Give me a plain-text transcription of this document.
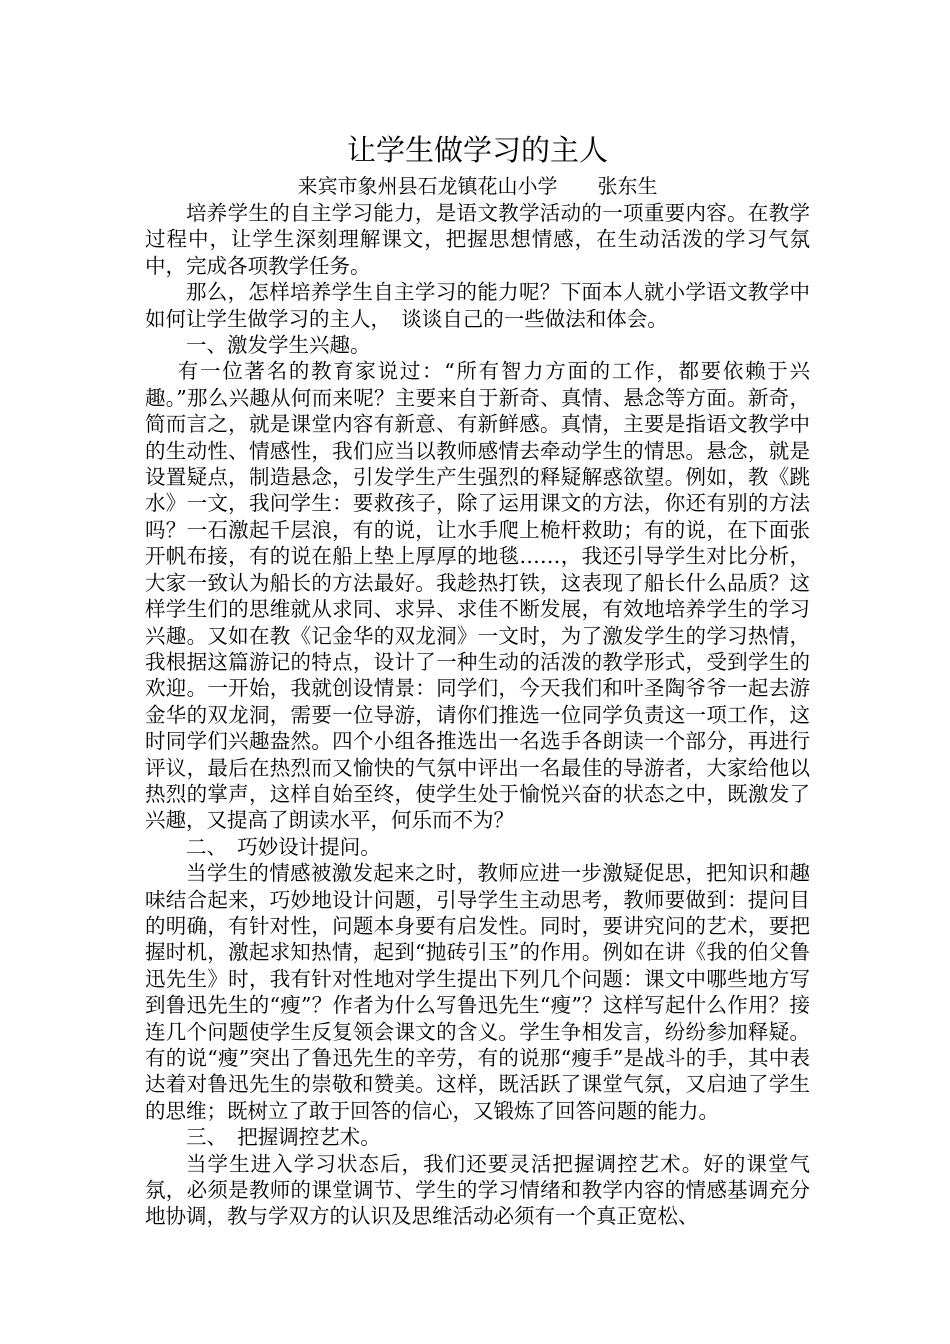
让学生做学习的主人

来宾市象州县石龙镇花山小学　　张东生

培养学生的自主学习能力，是语文教学活动的一项重要内容。在教学过程中，让学生深刻理解课文，把握思想情感，在生动活泼的学习气氛中，完成各项教学任务。

那么，怎样培养学生自主学习的能力呢？下面本人就小学语文教学中如何让学生做学习的主人，　谈谈自己的一些做法和体会。

一、激发学生兴趣。

有一位著名的教育家说过：“所有智力方面的工作，都要依赖于兴趣。”那么兴趣从何而来呢？主要来自于新奇、真情、悬念等方面。新奇，简而言之，就是课堂内容有新意、有新鲜感。真情，主要是指语文教学中的生动性、情感性，我们应当以教师感情去牵动学生的情思。悬念，就是设置疑点，制造悬念，引发学生产生强烈的释疑解惑欲望。例如，教《跳水》一文，我问学生：要救孩子，除了运用课文的方法，你还有别的方法吗？一石激起千层浪，有的说，让水手爬上桅杆救助；有的说，在下面张开帆布接，有的说在船上垫上厚厚的地毯……，我还引导学生对比分析，大家一致认为船长的方法最好。我趁热打铁，这表现了船长什么品质？这样学生们的思维就从求同、求异、求佳不断发展，有效地培养学生的学习兴趣。又如在教《记金华的双龙洞》一文时，为了激发学生的学习热情，我根据这篇游记的特点，设计了一种生动的活泼的教学形式，受到学生的欢迎。一开始，我就创设情景：同学们，今天我们和叶圣陶爷爷一起去游金华的双龙洞，需要一位导游，请你们推选一位同学负责这一项工作，这时同学们兴趣盎然。四个小组各推选出一名选手各朗读一个部分，再进行评议，最后在热烈而又愉快的气氛中评出一名最佳的导游者，大家给他以热烈的掌声，这样自始至终，使学生处于愉悦兴奋的状态之中，既激发了兴趣，又提高了朗读水平，何乐而不为？

二、　巧妙设计提问。

当学生的情感被激发起来之时，教师应进一步激疑促思，把知识和趣味结合起来，巧妙地设计问题，引导学生主动思考，教师要做到：提问目的明确，有针对性，问题本身要有启发性。同时，要讲究问的艺术，要把握时机，激起求知热情，起到“抛砖引玉”的作用。例如在讲《我的伯父鲁迅先生》时，我有针对性地对学生提出下列几个问题：课文中哪些地方写到鲁迅先生的“瘦”？作者为什么写鲁迅先生“瘦”？这样写起什么作用？接连几个问题使学生反复领会课文的含义。学生争相发言，纷纷参加释疑。有的说“瘦”突出了鲁迅先生的辛劳，有的说那“瘦手”是战斗的手，其中表达着对鲁迅先生的崇敬和赞美。这样，既活跃了课堂气氛，又启迪了学生的思维；既树立了敢于回答的信心，又锻炼了回答问题的能力。

三、　把握调控艺术。

当学生进入学习状态后，我们还要灵活把握调控艺术。好的课堂气氛，必须是教师的课堂调节、学生的学习情绪和教学内容的情感基调充分地协调，教与学双方的认识及思维活动必须有一个真正宽松、
